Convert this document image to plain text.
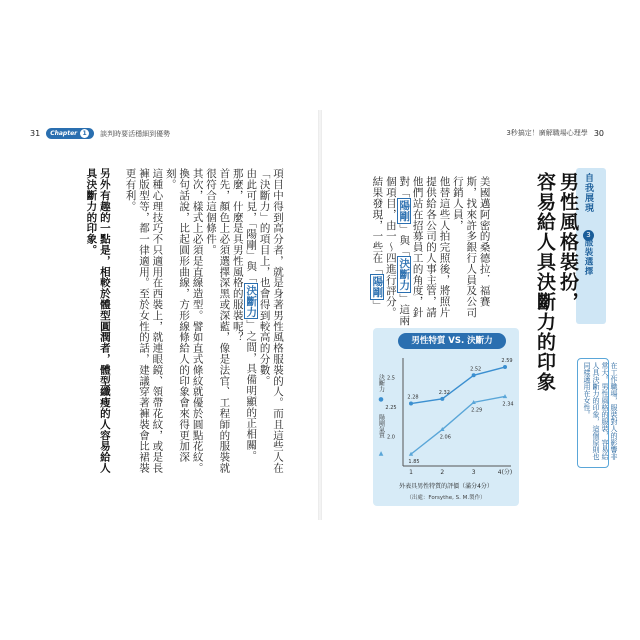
31 Chapter 1	談判時要活穩細到優勢	3秒搞定！廣解職場心理學 30
項目中得到高分者，就是身著男性風格服裝的人。而且這些人在「決斷力」的項目上，也會得到較高的分數。
由此可見，「陽剛」與「決斷力」之間，具備明顯的正相關。
那麼，什麼是具男性風格的服裝呢？
首先，顏色上必須選擇深黑或深藍，像是法官、工程師的服裝就很符合這個條件。
其次，樣式上必須是直線造型。譬如直式條紋就優於圓點花紋。
換句話說，比起圓形曲線，方形線條給人的印象會來得更加深刻。
這種心理技巧不只適用在西裝上，就連眼鏡、領帶花紋，或是長褲版型等，都一律適用。至於女性的話，建議穿著褲裝會比裙裝更有利。

另外有趣的一點是，相較於體型圓潤者，體型纖瘦的人容易給人具決斷力的印象。	自我展現
3
服裝選擇
男性風格裝扮，
容易給人具決斷力的印象
在工作職場，服裝對人的影響非常大。男性風格的服裝，容易給人具決斷力的印象，這個原則也同樣適用在女性。
美國邁阿密的桑德拉．福賽斯，找來許多銀行人員及公司行銷人員，
他替這些人拍完照後，將照片提供給各公司的人事主管，請他們站在招募員工的角度，針對「陽剛」與「決斷力」這兩個項目，由一～四進行評分。
結果發現，一些在「陽剛」
男性特質 VS. 決斷力
2.5
2.25
2.0
1	2	3	4(分)
2.28
2.32
2.52
2.59
1.85
2.06
2.29
2.34
決斷力
●
陽剛氣質
▲
外表具男性特質的評價（滿分4分）
（出處：Forsythe, S. M.製作）
